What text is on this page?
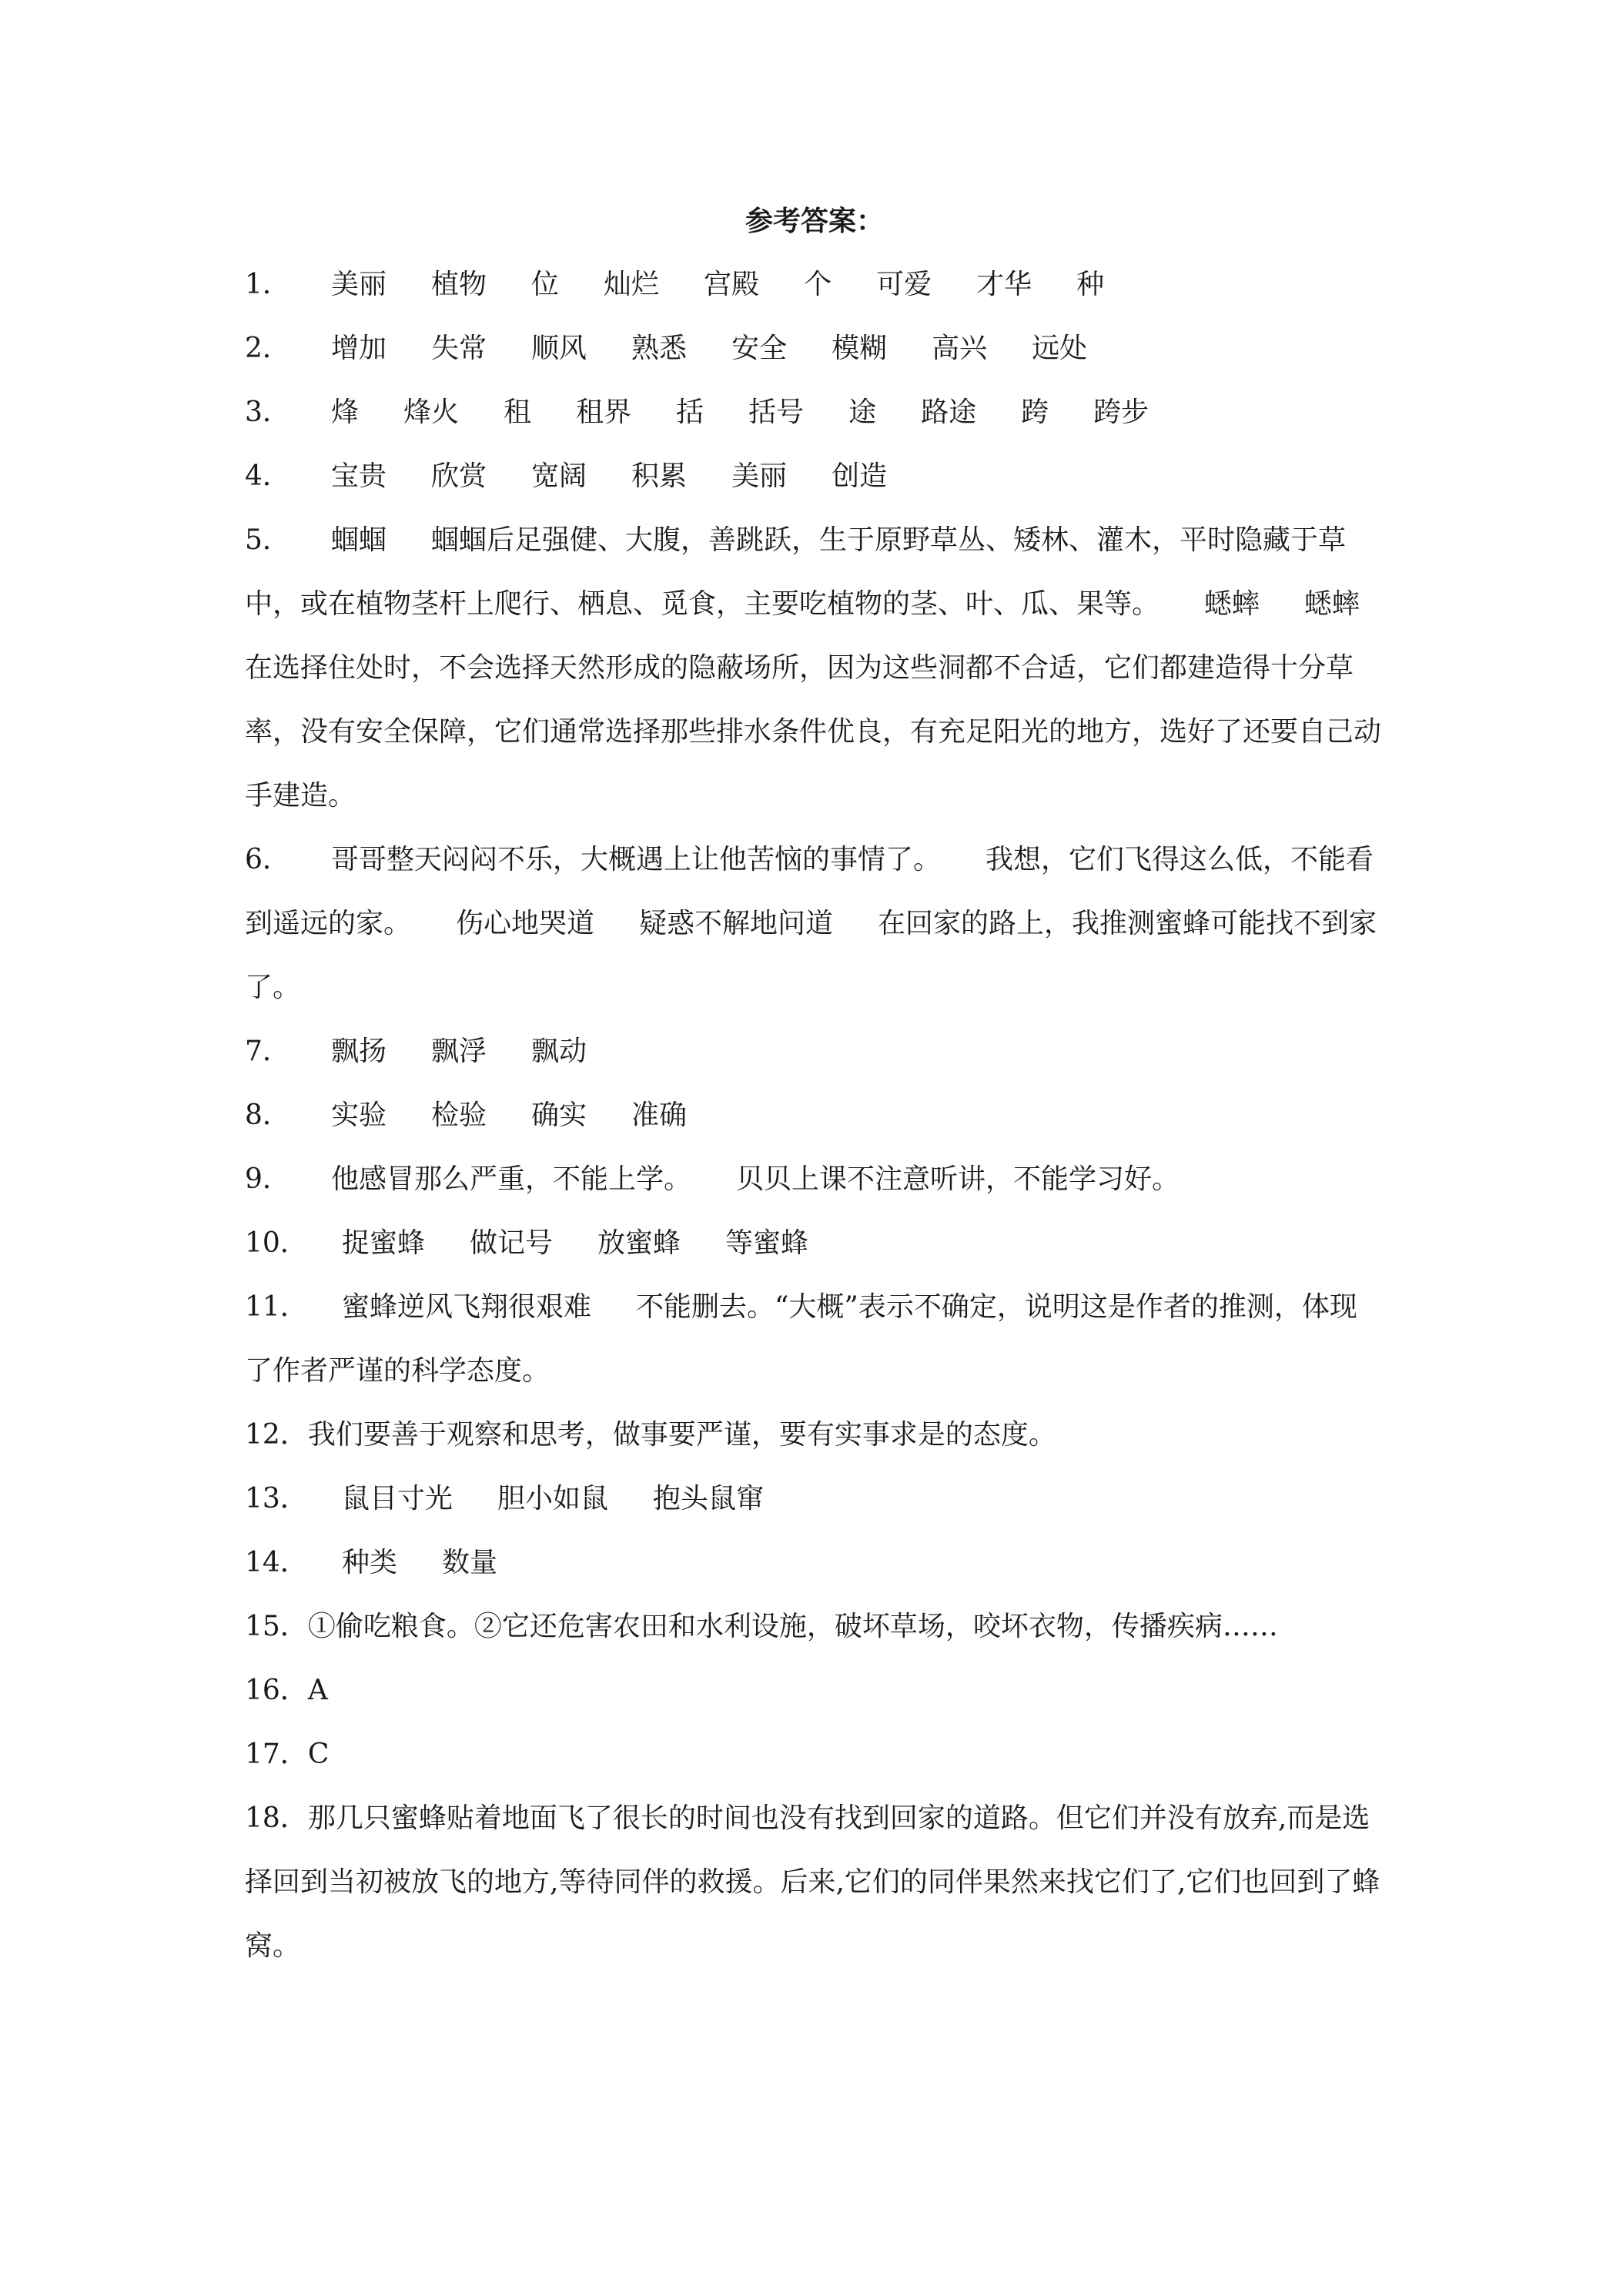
参考答案：
1． 美丽 植物 位 灿烂 宫殿 个 可爱 才华 种
2． 增加 失常 顺风 熟悉 安全 模糊 高兴 远处
3． 烽 烽火 租 租界 括 括号 途 路途 跨 跨步
4． 宝贵 欣赏 宽阔 积累 美丽 创造
5． 蝈蝈 蝈蝈后足强健、大腹，善跳跃，生于原野草丛、矮林、灌木，平时隐藏于草中，或在植物茎杆上爬行、栖息、觅食，主要吃植物的茎、叶、瓜、果等。 蟋蟀 蟋蟀在选择住处时，不会选择天然形成的隐蔽场所，因为这些洞都不合适，它们都建造得十分草率，没有安全保障，它们通常选择那些排水条件优良，有充足阳光的地方，选好了还要自己动手建造。
6． 哥哥整天闷闷不乐，大概遇上让他苦恼的事情了。 我想，它们飞得这么低，不能看到遥远的家。 伤心地哭道 疑惑不解地问道 在回家的路上，我推测蜜蜂可能找不到家了。
7． 飘扬 飘浮 飘动
8． 实验 检验 确实 准确
9． 他感冒那么严重，不能上学。 贝贝上课不注意听讲，不能学习好。
10． 捉蜜蜂 做记号 放蜜蜂 等蜜蜂
11． 蜜蜂逆风飞翔很艰难 不能删去。“大概”表示不确定，说明这是作者的推测，体现了作者严谨的科学态度。
12．我们要善于观察和思考，做事要严谨，要有实事求是的态度。
13． 鼠目寸光 胆小如鼠 抱头鼠窜
14． 种类 数量
15．①偷吃粮食。②它还危害农田和水利设施，破坏草场，咬坏衣物，传播疾病……
16．A
17．C
18．那几只蜜蜂贴着地面飞了很长的时间也没有找到回家的道路。但它们并没有放弃,而是选择回到当初被放飞的地方,等待同伴的救援。后来,它们的同伴果然来找它们了,它们也回到了蜂窝。
